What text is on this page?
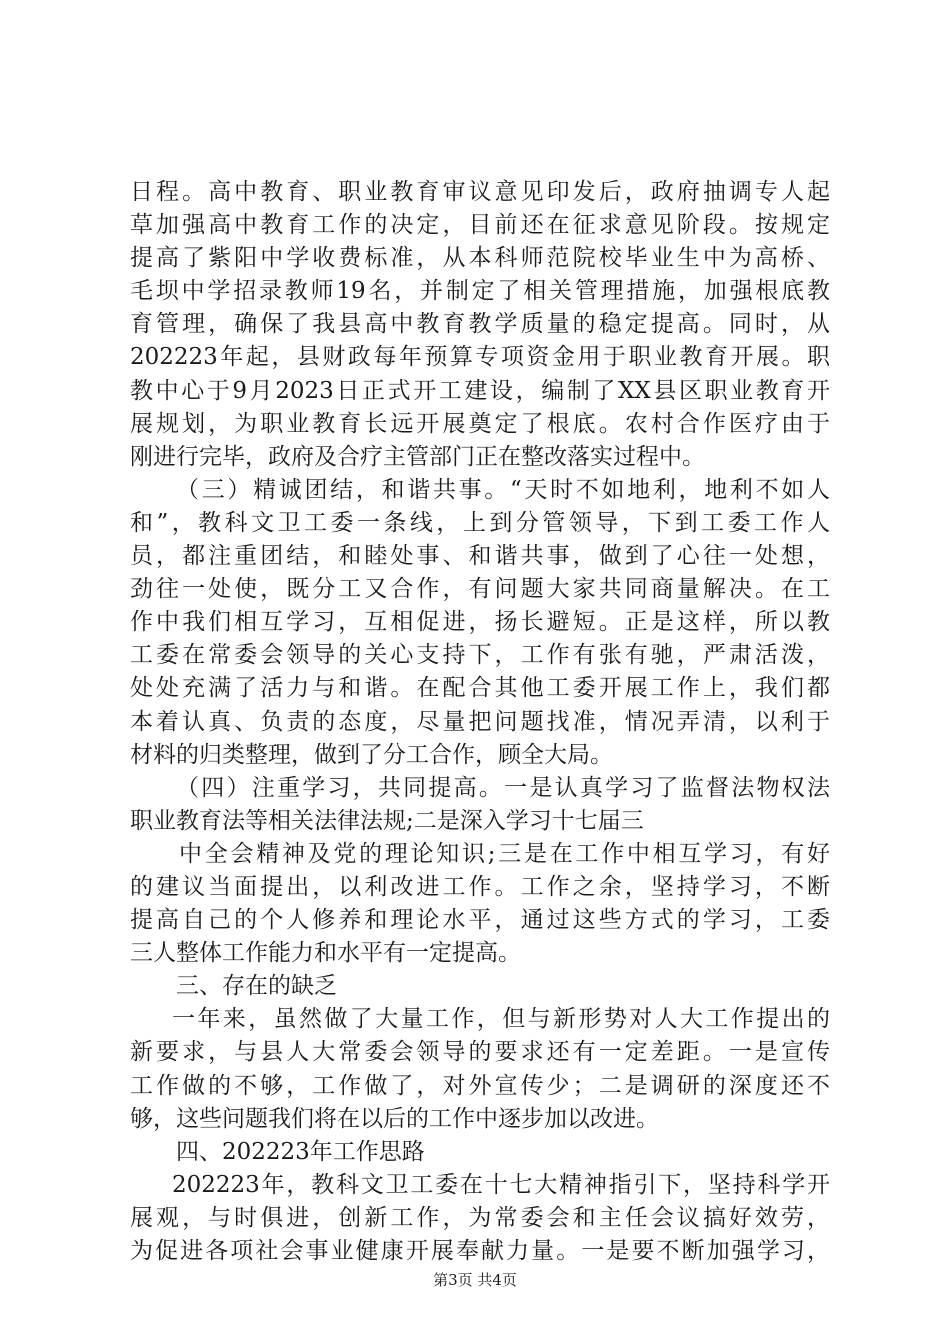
日程。高中教育、职业教育审议意见印发后，政府抽调专人起
草加强高中教育工作的决定，目前还在征求意见阶段。按规定
提高了紫阳中学收费标准，从本科师范院校毕业生中为高桥、
毛坝中学招录教师19名，并制定了相关管理措施，加强根底教
育管理，确保了我县高中教育教学质量的稳定提高。同时，从
202223年起，县财政每年预算专项资金用于职业教育开展。职
教中心于9月2023日正式开工建设，编制了XX县区职业教育开
展规划，为职业教育长远开展奠定了根底。农村合作医疗由于
刚进行完毕，政府及合疗主管部门正在整改落实过程中。
（三）精诚团结，和谐共事。“天时不如地利，地利不如人
和”，教科文卫工委一条线，上到分管领导，下到工委工作人
员，都注重团结，和睦处事、和谐共事，做到了心往一处想，
劲往一处使，既分工又合作，有问题大家共同商量解决。在工
作中我们相互学习，互相促进，扬长避短。正是这样，所以教
工委在常委会领导的关心支持下，工作有张有驰，严肃活泼，
处处充满了活力与和谐。在配合其他工委开展工作上，我们都
本着认真、负责的态度，尽量把问题找准，情况弄清，以利于
材料的归类整理，做到了分工合作，顾全大局。
（四）注重学习，共同提高。一是认真学习了监督法物权法
职业教育法等相关法律法规;二是深入学习十七届三
中全会精神及党的理论知识;三是在工作中相互学习，有好
的建议当面提出，以利改进工作。工作之余，坚持学习，不断
提高自己的个人修养和理论水平，通过这些方式的学习，工委
三人整体工作能力和水平有一定提高。
三、存在的缺乏
一年来，虽然做了大量工作，但与新形势对人大工作提出的
新要求，与县人大常委会领导的要求还有一定差距。一是宣传
工作做的不够，工作做了，对外宣传少；二是调研的深度还不
够，这些问题我们将在以后的工作中逐步加以改进。
四、202223年工作思路
202223年，教科文卫工委在十七大精神指引下，坚持科学开
展观，与时俱进，创新工作，为常委会和主任会议搞好效劳，
为促进各项社会事业健康开展奉献力量。一是要不断加强学习，
第3页 共4页
